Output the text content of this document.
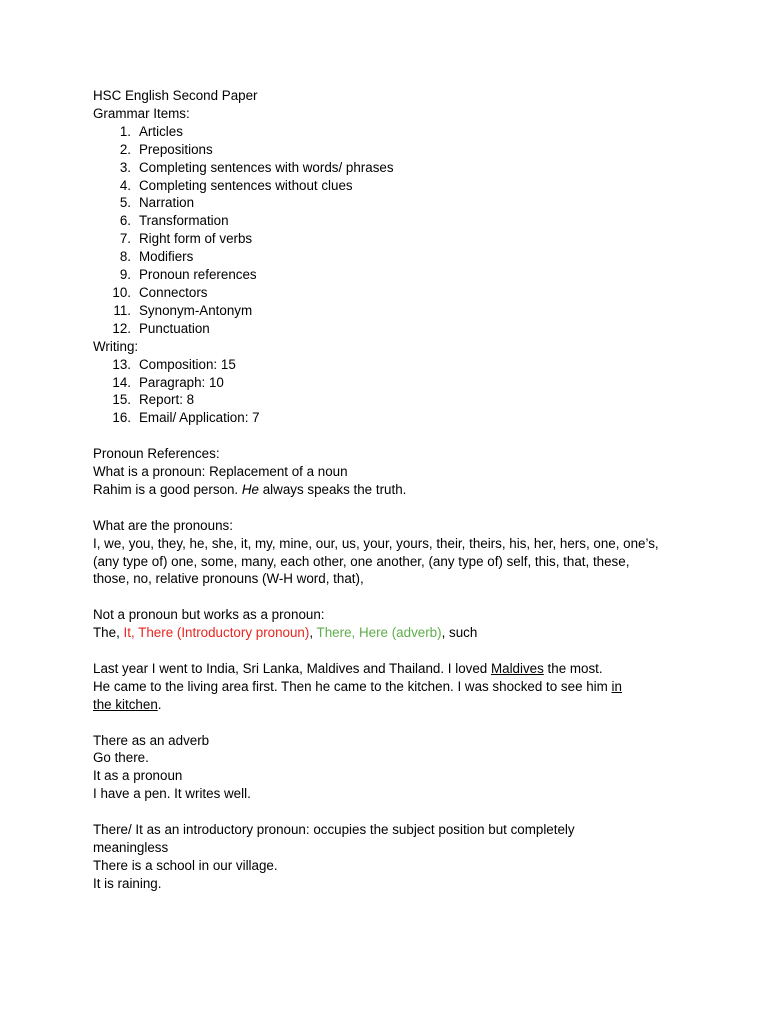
HSC English Second Paper
Grammar Items:
1. Articles
2. Prepositions
3. Completing sentences with words/ phrases
4. Completing sentences without clues
5. Narration
6. Transformation
7. Right form of verbs
8. Modifiers
9. Pronoun references
10. Connectors
11. Synonym-Antonym
12. Punctuation
Writing:
13. Composition: 15
14. Paragraph: 10
15. Report: 8
16. Email/ Application: 7
Pronoun References:
What is a pronoun: Replacement of a noun
Rahim is a good person. He always speaks the truth.
What are the pronouns:
I, we, you, they, he, she, it, my, mine, our, us, your, yours, their, theirs, his, her, hers, one, one’s, (any type of) one, some, many, each other, one another, (any type of) self, this, that, these, those, no, relative pronouns (W-H word, that),
Not a pronoun but works as a pronoun:
The, It, There (Introductory pronoun), There, Here (adverb), such
Last year I went to India, Sri Lanka, Maldives and Thailand. I loved Maldives the most.
He came to the living area first. Then he came to the kitchen. I was shocked to see him in
the kitchen.
There as an adverb
Go there.
It as a pronoun
I have a pen. It writes well.
There/ It as an introductory pronoun: occupies the subject position but completely
meaningless
There is a school in our village.
It is raining.
